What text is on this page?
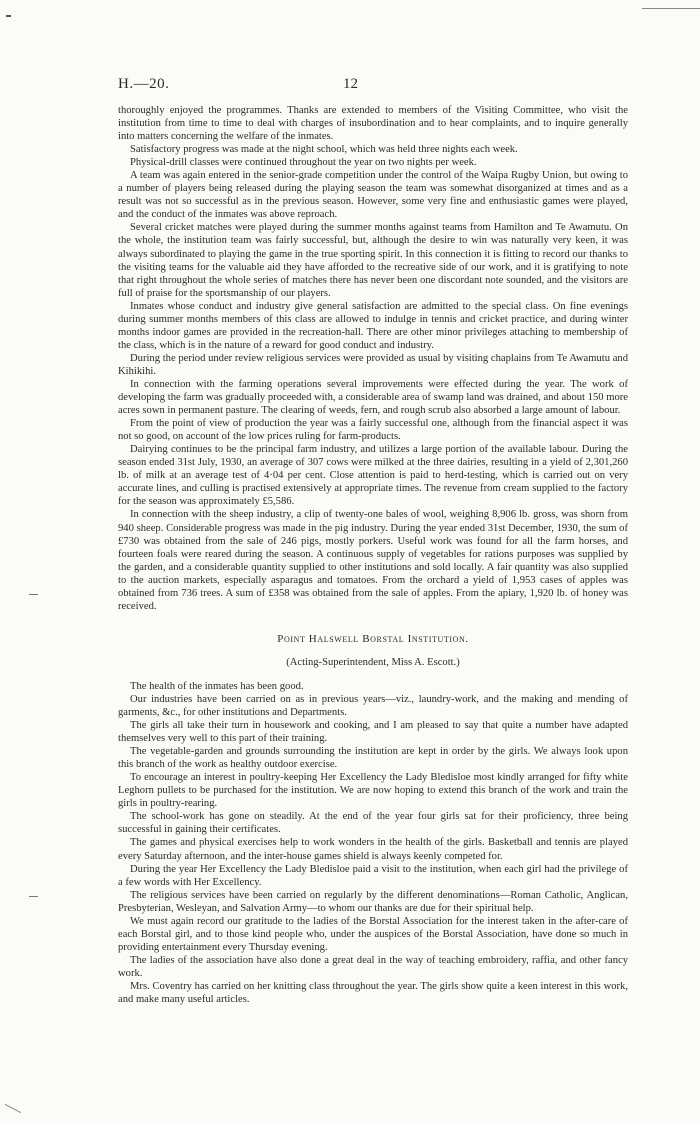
H.—20.	12

thoroughly enjoyed the programmes. Thanks are extended to members of the Visiting Committee, who visit the institution from time to time to deal with charges of insubordination and to hear complaints, and to inquire generally into matters concerning the welfare of the inmates.

Satisfactory progress was made at the night school, which was held three nights each week.

Physical-drill classes were continued throughout the year on two nights per week.

A team was again entered in the senior-grade competition under the control of the Waipa Rugby Union, but owing to a number of players being released during the playing season the team was somewhat disorganized at times and as a result was not so successful as in the previous season. However, some very fine and enthusiastic games were played, and the conduct of the inmates was above reproach.

Several cricket matches were played during the summer months against teams from Hamilton and Te Awamutu. On the whole, the institution team was fairly successful, but, although the desire to win was naturally very keen, it was always subordinated to playing the game in the true sporting spirit. In this connection it is fitting to record our thanks to the visiting teams for the valuable aid they have afforded to the recreative side of our work, and it is gratifying to note that right throughout the whole series of matches there has never been one discordant note sounded, and the visitors are full of praise for the sportsmanship of our players.

Inmates whose conduct and industry give general satisfaction are admitted to the special class. On fine evenings during summer months members of this class are allowed to indulge in tennis and cricket practice, and during winter months indoor games are provided in the recreation-hall. There are other minor privileges attaching to membership of the class, which is in the nature of a reward for good conduct and industry.

During the period under review religious services were provided as usual by visiting chaplains from Te Awamutu and Kihikihi.

In connection with the farming operations several improvements were effected during the year. The work of developing the farm was gradually proceeded with, a considerable area of swamp land was drained, and about 150 more acres sown in permanent pasture. The clearing of weeds, fern, and rough scrub also absorbed a large amount of labour.

From the point of view of production the year was a fairly successful one, although from the financial aspect it was not so good, on account of the low prices ruling for farm-products.

Dairying continues to be the principal farm industry, and utilizes a large portion of the available labour. During the season ended 31st July, 1930, an average of 307 cows were milked at the three dairies, resulting in a yield of 2,301,260 lb. of milk at an average test of 4·04 per cent. Close attention is paid to herd-testing, which is carried out on very accurate lines, and culling is practised extensively at appropriate times. The revenue from cream supplied to the factory for the season was approximately £5,586.

In connection with the sheep industry, a clip of twenty-one bales of wool, weighing 8,906 lb. gross, was shorn from 940 sheep. Considerable progress was made in the pig industry. During the year ended 31st December, 1930, the sum of £730 was obtained from the sale of 246 pigs, mostly porkers. Useful work was found for all the farm horses, and fourteen foals were reared during the season. A continuous supply of vegetables for rations purposes was supplied by the garden, and a considerable quantity supplied to other institutions and sold locally. A fair quantity was also supplied to the auction markets, especially asparagus and tomatoes. From the orchard a yield of 1,953 cases of apples was obtained from 736 trees. A sum of £358 was obtained from the sale of apples. From the apiary, 1,920 lb. of honey was received.

Point Halswell Borstal Institution.

(Acting-Superintendent, Miss A. Escott.)

The health of the inmates has been good.

Our industries have been carried on as in previous years—viz., laundry-work, and the making and mending of garments, &c., for other institutions and Departments.

The girls all take their turn in housework and cooking, and I am pleased to say that quite a number have adapted themselves very well to this part of their training.

The vegetable-garden and grounds surrounding the institution are kept in order by the girls. We always look upon this branch of the work as healthy outdoor exercise.

To encourage an interest in poultry-keeping Her Excellency the Lady Bledisloe most kindly arranged for fifty white Leghorn pullets to be purchased for the institution. We are now hoping to extend this branch of the work and train the girls in poultry-rearing.

The school-work has gone on steadily. At the end of the year four girls sat for their proficiency, three being successful in gaining their certificates.

The games and physical exercises help to work wonders in the health of the girls. Basketball and tennis are played every Saturday afternoon, and the inter-house games shield is always keenly competed for.

During the year Her Excellency the Lady Bledisloe paid a visit to the institution, when each girl had the privilege of a few words with Her Excellency.

The religious services have been carried on regularly by the different denominations—Roman Catholic, Anglican, Presbyterian, Wesleyan, and Salvation Army—to whom our thanks are due for their spiritual help.

We must again record our gratitude to the ladies of the Borstal Association for the interest taken in the after-care of each Borstal girl, and to those kind people who, under the auspices of the Borstal Association, have done so much in providing entertainment every Thursday evening.

The ladies of the association have also done a great deal in the way of teaching embroidery, raffia, and other fancy work.

Mrs. Coventry has carried on her knitting class throughout the year. The girls show quite a keen interest in this work, and make many useful articles.
